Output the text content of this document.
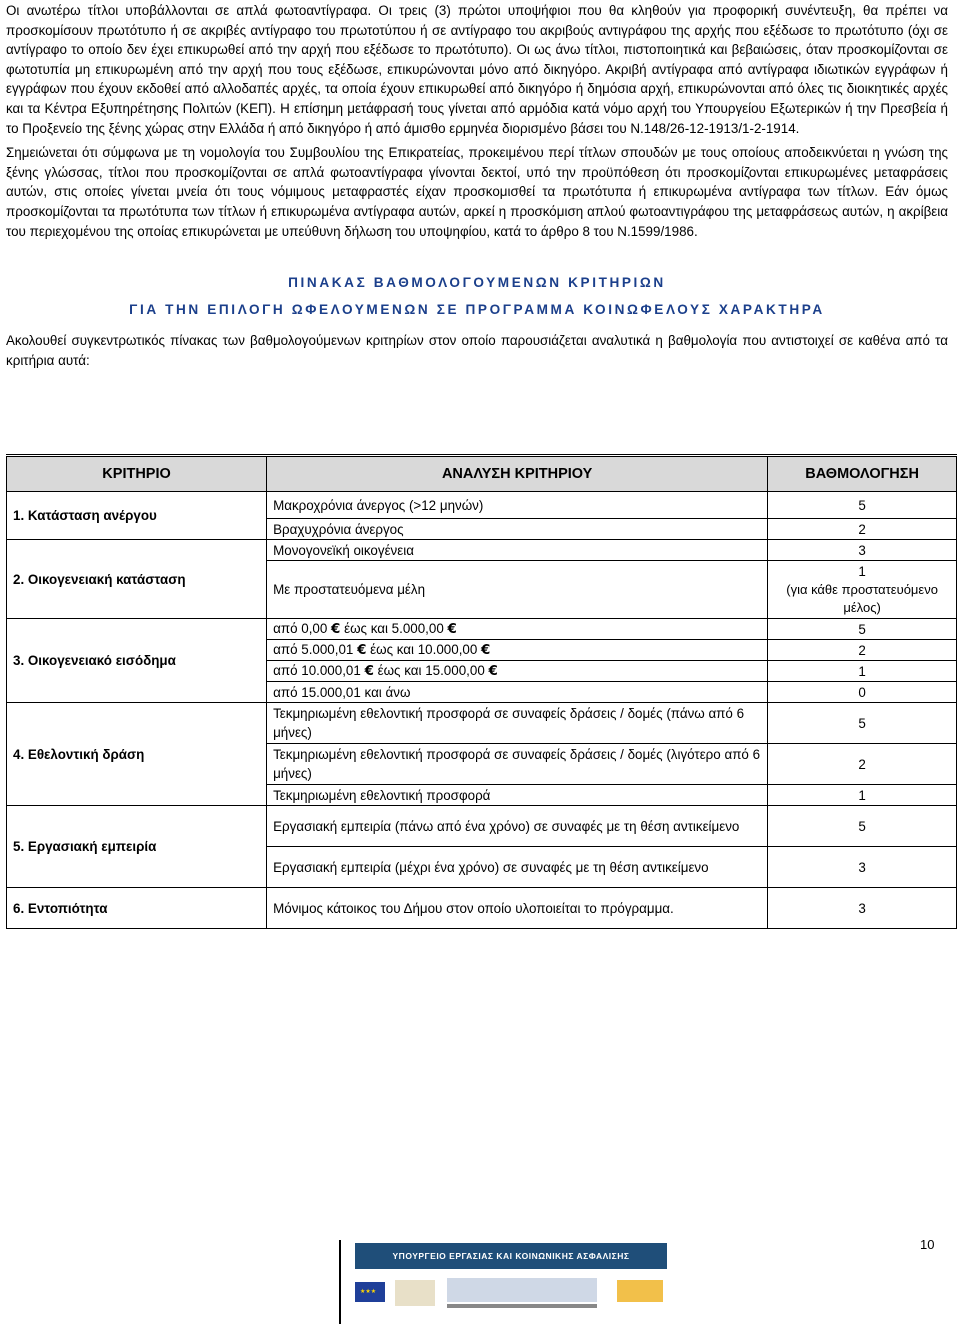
Οι ανωτέρω τίτλοι υποβάλλονται σε απλά φωτοαντίγραφα. Οι τρεις (3) πρώτοι υποψήφιοι που θα κληθούν για προφορική συνέντευξη, θα πρέπει να προσκομίσουν πρωτότυπο ή σε ακριβές αντίγραφο του πρωτοτύπου ή σε αντίγραφο του ακριβούς αντιγράφου της αρχής που εξέδωσε το πρωτότυπο (όχι σε αντίγραφο το οποίο δεν έχει επικυρωθεί από την αρχή που εξέδωσε το πρωτότυπο). Οι ως άνω τίτλοι, πιστοποιητικά και βεβαιώσεις, όταν προσκομίζονται σε φωτοτυπία μη επικυρωμένη από την αρχή που τους εξέδωσε, επικυρώνονται μόνο από δικηγόρο. Ακριβή αντίγραφα από αντίγραφα ιδιωτικών εγγράφων ή εγγράφων που έχουν εκδοθεί από αλλοδαπές αρχές, τα οποία έχουν επικυρωθεί από δικηγόρο ή δημόσια αρχή, επικυρώνονται από όλες τις διοικητικές αρχές και τα Κέντρα Εξυπηρέτησης Πολιτών (ΚΕΠ). Η επίσημη μετάφρασή τους γίνεται από αρμόδια κατά νόμο αρχή του Υπουργείου Εξωτερικών ή την Πρεσβεία ή το Προξενείο της ξένης χώρας στην Ελλάδα ή από δικηγόρο ή από άμισθο ερμηνέα διορισμένο βάσει του Ν.148/26-12-1913/1-2-1914.

Σημειώνεται ότι σύμφωνα με τη νομολογία του Συμβουλίου της Επικρατείας, προκειμένου περί τίτλων σπουδών με τους οποίους αποδεικνύεται η γνώση της ξένης γλώσσας, τίτλοι που προσκομίζονται σε απλά φωτοαντίγραφα γίνονται δεκτοί, υπό την προϋπόθεση ότι προσκομίζονται επικυρωμένες μεταφράσεις αυτών, στις οποίες γίνεται μνεία ότι τους νόμιμους μεταφραστές είχαν προσκομισθεί τα πρωτότυπα ή επικυρωμένα αντίγραφα των τίτλων. Εάν όμως προσκομίζονται τα πρωτότυπα των τίτλων ή επικυρωμένα αντίγραφα αυτών, αρκεί η προσκόμιση απλού φωτοαντιγράφου της μεταφράσεως αυτών, η ακρίβεια του περιεχομένου της οποίας επικυρώνεται με υπεύθυνη δήλωση του υποψηφίου, κατά το άρθρο 8 του Ν.1599/1986.

ΠΙΝΑΚΑΣ ΒΑΘΜΟΛΟΓΟΥΜΕΝΩΝ ΚΡΙΤΗΡΙΩΝ

ΓΙΑ ΤΗΝ ΕΠΙΛΟΓΗ ΩΦΕΛΟΥΜΕΝΩΝ ΣΕ ΠΡΟΓΡΑΜΜΑ ΚΟΙΝΩΦΕΛΟΥΣ ΧΑΡΑΚΤΗΡΑ

Ακολουθεί συγκεντρωτικός πίνακας των βαθμολογούμενων κριτηρίων στον οποίο παρουσιάζεται αναλυτικά η βαθμολογία που αντιστοιχεί σε καθένα από τα κριτήρια αυτά:

ΚΡΙΤΗΡΙΟ	ΑΝΑΛΥΣΗ ΚΡΙΤΗΡΙΟΥ	ΒΑΘΜΟΛΟΓΗΣΗ
1. Κατάσταση ανέργου	Μακροχρόνια άνεργος (>12 μηνών)	5
	Βραχυχρόνια άνεργος	2
2. Οικογενειακή κατάσταση	Μονογονεϊκή οικογένεια	3
	Με προστατευόμενα μέλη	1
(για κάθε προστατευόμενο μέλος)

3. Οικογενειακό εισόδημα	από 0,00 € έως και 5.000,00 €	5
	από 5.000,01 € έως και 10.000,00 €	2
	από 10.000,01 € έως και 15.000,00 €	1
	από 15.000,01 και άνω	0
4. Εθελοντική δράση	Τεκμηριωμένη εθελοντική προσφορά σε συναφείς δράσεις / δομές (πάνω από 6 μήνες)	5
	Τεκμηριωμένη εθελοντική προσφορά σε συναφείς δράσεις / δομές (λιγότερο από 6 μήνες)	2
	Τεκμηριωμένη εθελοντική προσφορά	1
5. Εργασιακή εμπειρία	Εργασιακή εμπειρία (πάνω από ένα χρόνο) σε συναφές με τη θέση αντικείμενο	5
	Εργασιακή εμπειρία (μέχρι ένα χρόνο) σε συναφές με τη θέση αντικείμενο	3
6. Εντοπιότητα	Μόνιμος κάτοικος του Δήμου στον οποίο υλοποιείται το πρόγραμμα.	3
10
ΥΠΟΥΡΓΕΙΟ ΕΡΓΑΣΙΑΣ ΚΑΙ ΚΟΙΝΩΝΙΚΗΣ ΑΣΦΑΛΙΣΗΣ
★★★
